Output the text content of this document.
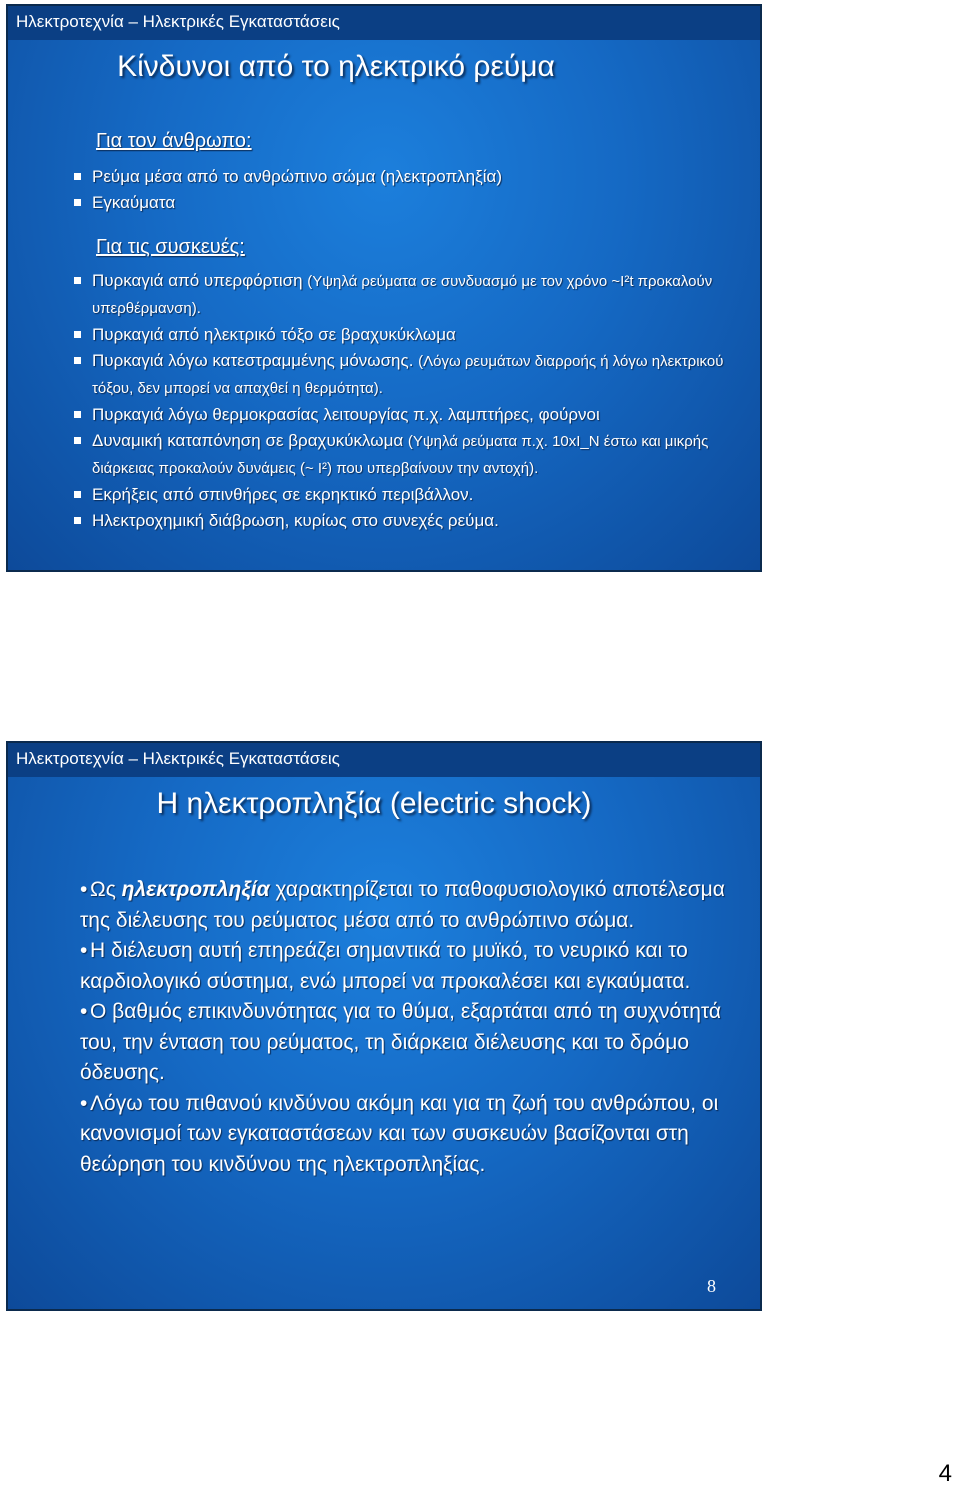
Ηλεκτροτεχνία – Ηλεκτρικές Εγκαταστάσεις
Κίνδυνοι από το ηλεκτρικό ρεύμα
Για τον άνθρωπο:
Ρεύμα μέσα από το ανθρώπινο σώμα (ηλεκτροπληξία)
Εγκαύματα
Για τις συσκευές:
Πυρκαγιά από υπερφόρτιση (Υψηλά ρεύματα σε συνδυασμό με τον χρόνο ~I²t προκαλούν υπερθέρμανση).
Πυρκαγιά από ηλεκτρικό τόξο σε βραχυκύκλωμα
Πυρκαγιά λόγω κατεστραμμένης μόνωσης. (Λόγω ρευμάτων διαρροής ή λόγω ηλεκτρικού τόξου, δεν μπορεί να απαχθεί η θερμότητα).
Πυρκαγιά λόγω θερμοκρασίας λειτουργίας π.χ. λαμπτήρες, φούρνοι
Δυναμική καταπόνηση σε βραχυκύκλωμα (Υψηλά ρεύματα π.χ. 10xI_N έστω και μικρής διάρκειας προκαλούν δυνάμεις (~ I²) που υπερβαίνουν την αντοχή).
Εκρήξεις από σπινθήρες σε εκρηκτικό περιβάλλον.
Ηλεκτροχημική διάβρωση, κυρίως στο συνεχές ρεύμα.
Ηλεκτροτεχνία – Ηλεκτρικές Εγκαταστάσεις
Η ηλεκτροπληξία (electric shock)
• Ως ηλεκτροπληξία χαρακτηρίζεται το παθοφυσιολογικό αποτέλεσμα της διέλευσης του ρεύματος μέσα από το ανθρώπινο σώμα.
• Η διέλευση αυτή επηρεάζει σημαντικά το μυϊκό, το νευρικό και το καρδιολογικό σύστημα, ενώ μπορεί να προκαλέσει και εγκαύματα.
• Ο βαθμός επικινδυνότητας για το θύμα, εξαρτάται από τη συχνότητά του, την ένταση του ρεύματος, τη διάρκεια διέλευσης και το δρόμο όδευσης.
• Λόγω του πιθανού κινδύνου ακόμη και για τη ζωή του ανθρώπου, οι κανονισμοί των εγκαταστάσεων και των συσκευών βασίζονται στη θεώρηση του κινδύνου της ηλεκτροπληξίας.
8
4
